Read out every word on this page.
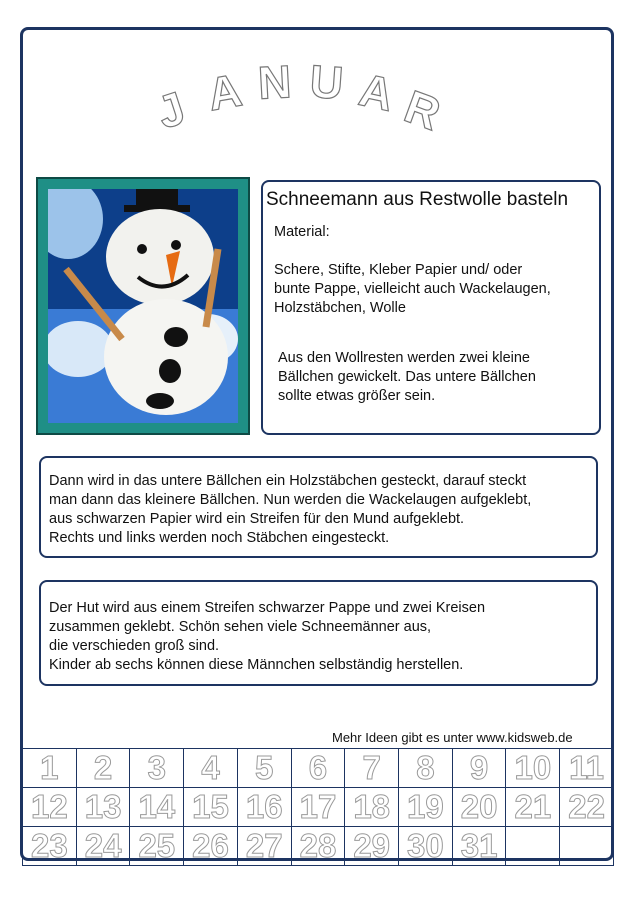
J A N U A R
Schneemann aus Restwolle basteln
Material:
Schere, Stifte, Kleber Papier und/ oder
bunte Pappe, vielleicht auch Wackelaugen,
Holzstäbchen, Wolle
Aus den Wollresten werden zwei kleine
Bällchen gewickelt. Das untere Bällchen
sollte etwas größer sein.
Dann wird in das untere Bällchen ein Holzstäbchen gesteckt, darauf steckt
man dann das kleinere Bällchen. Nun werden die Wackelaugen aufgeklebt,
aus schwarzen Papier wird ein Streifen für den Mund aufgeklebt.
Rechts und links werden noch Stäbchen eingesteckt.
Der Hut wird aus einem Streifen schwarzer Pappe und zwei Kreisen
zusammen geklebt. Schön sehen viele Schneemänner aus,
die verschieden groß sind.
Kinder ab sechs können diese Männchen selbständig herstellen.
Mehr Ideen gibt es unter www.kidsweb.de
1	2	3	4	5	6	7	8	9	10	11
12	13	14	15	16	17	18	19	20	21	22
23	24	25	26	27	28	29	30	31		
